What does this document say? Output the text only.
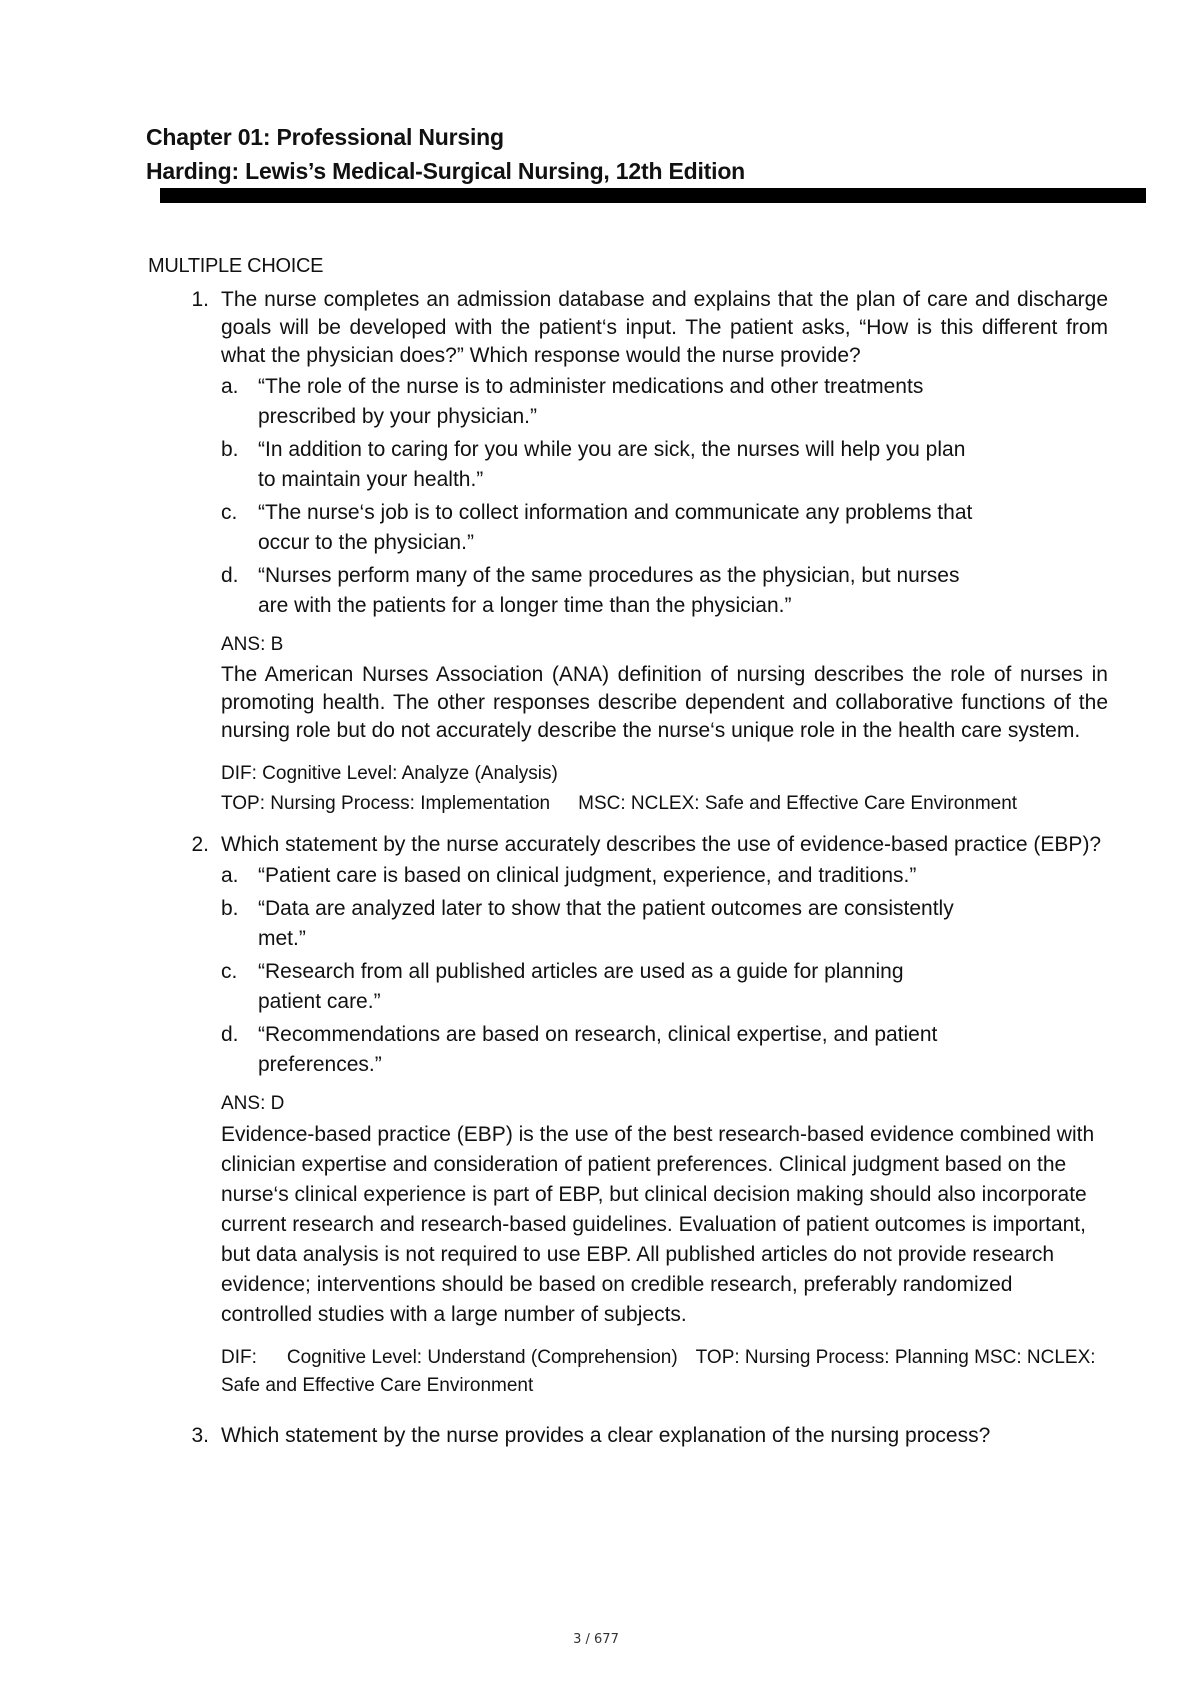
Chapter 01: Professional Nursing
Harding: Lewis’s Medical-Surgical Nursing, 12th Edition
MULTIPLE CHOICE
1. The nurse completes an admission database and explains that the plan of care and discharge goals will be developed with the patient‘s input. The patient asks, “How is this different from what the physician does?” Which response would the nurse provide?
a. “The role of the nurse is to administer medications and other treatments prescribed by your physician.”
b. “In addition to caring for you while you are sick, the nurses will help you plan to maintain your health.”
c. “The nurse‘s job is to collect information and communicate any problems that occur to the physician.”
d. “Nurses perform many of the same procedures as the physician, but nurses are with the patients for a longer time than the physician.”
ANS: B
The American Nurses Association (ANA) definition of nursing describes the role of nurses in promoting health. The other responses describe dependent and collaborative functions of the nursing role but do not accurately describe the nurse‘s unique role in the health care system.
DIF: Cognitive Level: Analyze (Analysis)
TOP: Nursing Process: Implementation MSC: NCLEX: Safe and Effective Care Environment
2. Which statement by the nurse accurately describes the use of evidence-based practice (EBP)?
a. “Patient care is based on clinical judgment, experience, and traditions.”
b. “Data are analyzed later to show that the patient outcomes are consistently met.”
c. “Research from all published articles are used as a guide for planning patient care.”
d. “Recommendations are based on research, clinical expertise, and patient preferences.”
ANS: D
Evidence-based practice (EBP) is the use of the best research-based evidence combined with clinician expertise and consideration of patient preferences. Clinical judgment based on the nurse‘s clinical experience is part of EBP, but clinical decision making should also incorporate current research and research-based guidelines. Evaluation of patient outcomes is important, but data analysis is not required to use EBP. All published articles do not provide research evidence; interventions should be based on credible research, preferably randomized controlled studies with a large number of subjects.
DIF: Cognitive Level: Understand (Comprehension) TOP: Nursing Process: Planning MSC: NCLEX: Safe and Effective Care Environment
3. Which statement by the nurse provides a clear explanation of the nursing process?
3 / 677
